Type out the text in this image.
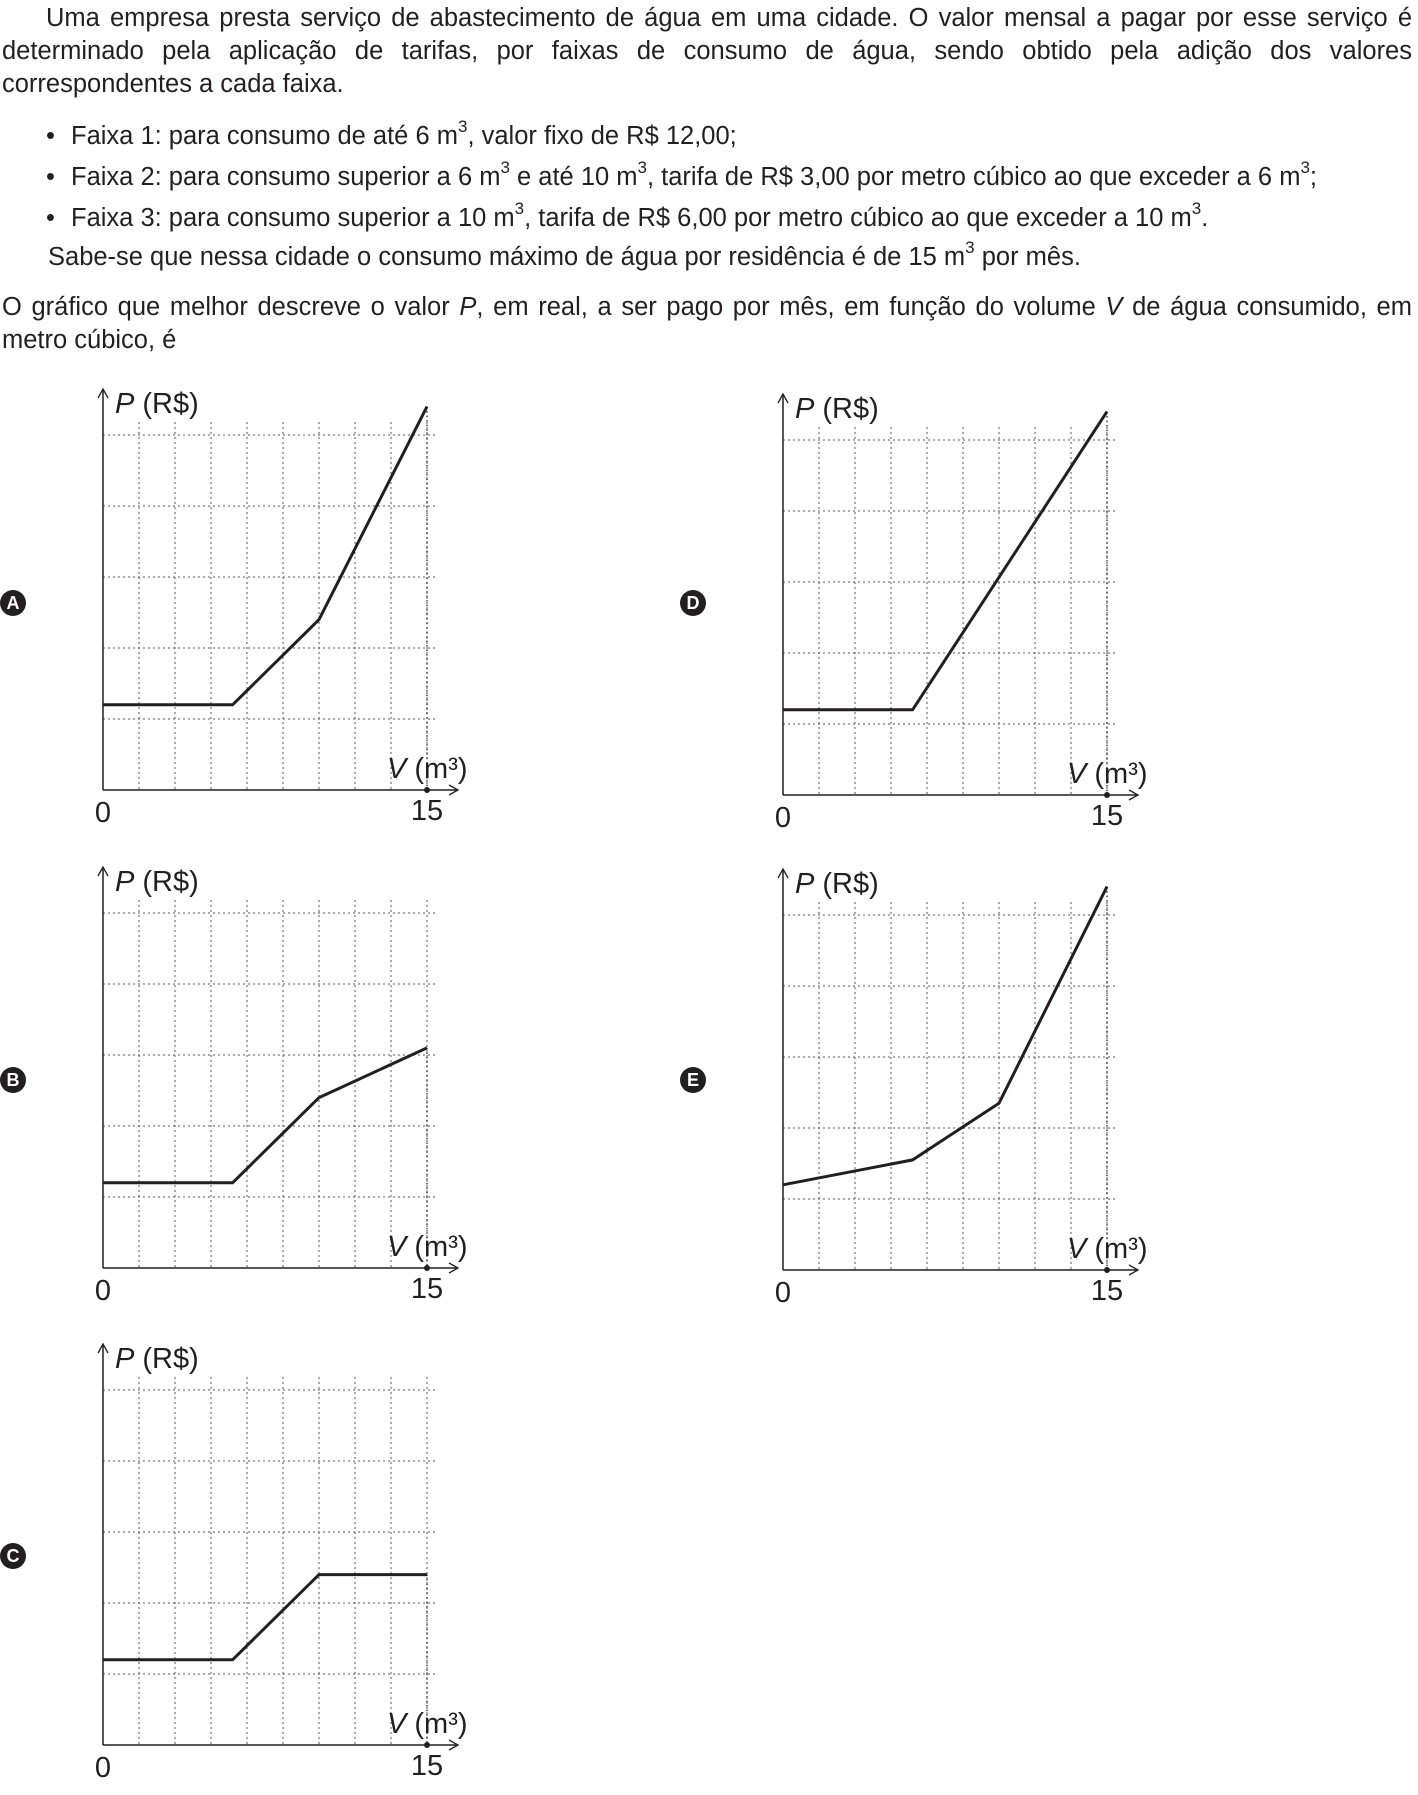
Uma empresa presta serviço de abastecimento de água em uma cidade. O valor mensal a pagar por esse serviço é determinado pela aplicação de tarifas, por faixas de consumo de água, sendo obtido pela adição dos valores correspondentes a cada faixa.

• Faixa 1: para consumo de até 6 $m^3$, valor fixo de R$ 12,00;
• Faixa 2: para consumo superior a 6 $m^3$ e até 10 $m^3$, tarifa de R$ 3,00 por metro cúbico ao que exceder a 6 $m^3$;
• Faixa 3: para consumo superior a 10 $m^3$, tarifa de R$ 6,00 por metro cúbico ao que exceder a 10 $m^3$.

Sabe-se que nessa cidade o consumo máximo de água por residência é de 15 $m^3$ por mês.

O gráfico que melhor descreve o valor P, em real, a ser pago por mês, em função do volume V de água consumido, em metro cúbico, é

A
P (R$)
V (m³)
0	15
B
P (R$)
V (m³)
0	15
C
P (R$)
V (m³)
0	15
D
P (R$)
V (m³)
0	15
E
P (R$)
V (m³)
0	15
